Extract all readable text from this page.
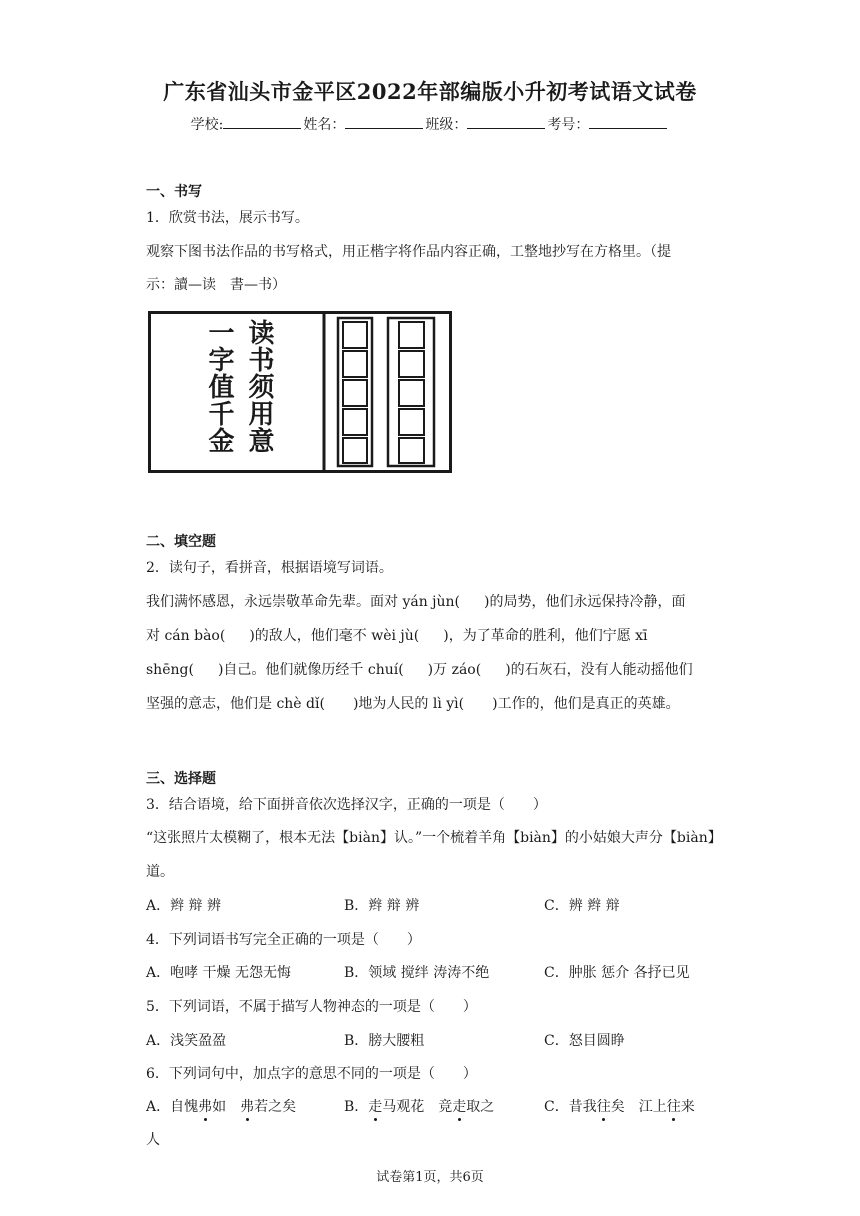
广东省汕头市金平区2022年部编版小升初考试语文试卷
学校:	姓名：	班级：	考号：
一、书写
1．欣赏书法，展示书写。
观察下图书法作品的书写格式，用正楷字将作品内容正确，工整地抄写在方格里。（提
示：讀—读　書—书）
读书须用意
一字值千金
二、填空题
2．读句子，看拼音，根据语境写词语。
我们满怀感恩，永远崇敬革命先辈。面对 yán jùn( )的局势，他们永远保持冷静，面
对 cán bào( )的敌人，他们毫不 wèi jù( )，为了革命的胜利，他们宁愿 xī
shēng( )自己。他们就像历经千 chuí( )万 záo( )的石灰石，没有人能动摇他们
坚强的意志，他们是 chè dǐ(　　)地为人民的 lì yì(　　)工作的，他们是真正的英雄。
三、选择题
3．结合语境，给下面拼音依次选择汉字，正确的一项是（　　）
“这张照片太模糊了，根本无法【biàn】认。”一个梳着羊角【biàn】的小姑娘大声分【biàn】
道。
A．辫 辩 辨	B．辫 辩 辨	C．辨 辫 辩
4．下列词语书写完全正确的一项是（　　）
A．咆哮 干燥 无怨无悔	B．领域 搅绊 涛涛不绝	C．肿胀 惩介 各抒已见
5．下列词语，不属于描写人物神态的一项是（　　）
A．浅笑盈盈	B．膀大腰粗	C．怒目圆睁
6．下列词句中，加点字的意思不同的一项是（　　）
A．自愧弗如　弗若之矣	B．走马观花　竞走取之	C．昔我往矣　江上往来
人
试卷第1页，共6页
